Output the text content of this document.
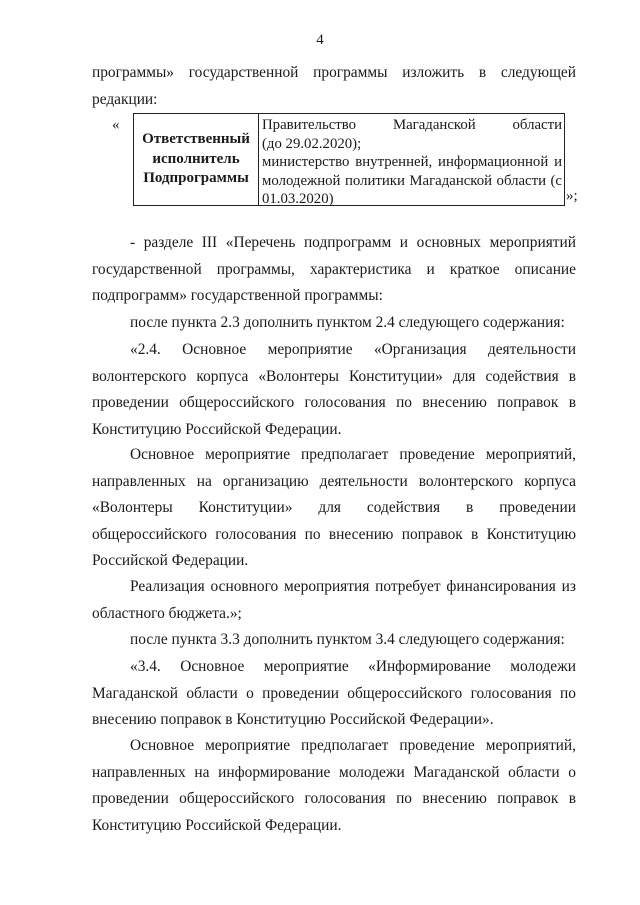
4

программы» государственной программы изложить в следующей редакции:

«
Ответственный исполнитель Подпрограммы
Правительство Магаданской области
(до 29.02.2020);
министерство внутренней, информационной и молодежной политики Магаданской области (с 01.03.2020)	»;

- разделе III «Перечень подпрограмм и основных мероприятий государственной программы, характеристика и краткое описание подпрограмм» государственной программы:

после пункта 2.3 дополнить пунктом 2.4 следующего содержания:

«2.4. Основное мероприятие «Организация деятельности волонтерского корпуса «Волонтеры Конституции» для содействия в проведении общероссийского голосования по внесению поправок в Конституцию Российской Федерации.

Основное мероприятие предполагает проведение мероприятий, направленных на организацию деятельности волонтерского корпуса «Волонтеры Конституции» для содействия в проведении общероссийского голосования по внесению поправок в Конституцию Российской Федерации.

Реализация основного мероприятия потребует финансирования из областного бюджета.»;

после пункта 3.3 дополнить пунктом 3.4 следующего содержания:

«3.4. Основное мероприятие «Информирование молодежи Магаданской области о проведении общероссийского голосования по внесению поправок в Конституцию Российской Федерации».

Основное мероприятие предполагает проведение мероприятий, направленных на информирование молодежи Магаданской области о проведении общероссийского голосования по внесению поправок в Конституцию Российской Федерации.
